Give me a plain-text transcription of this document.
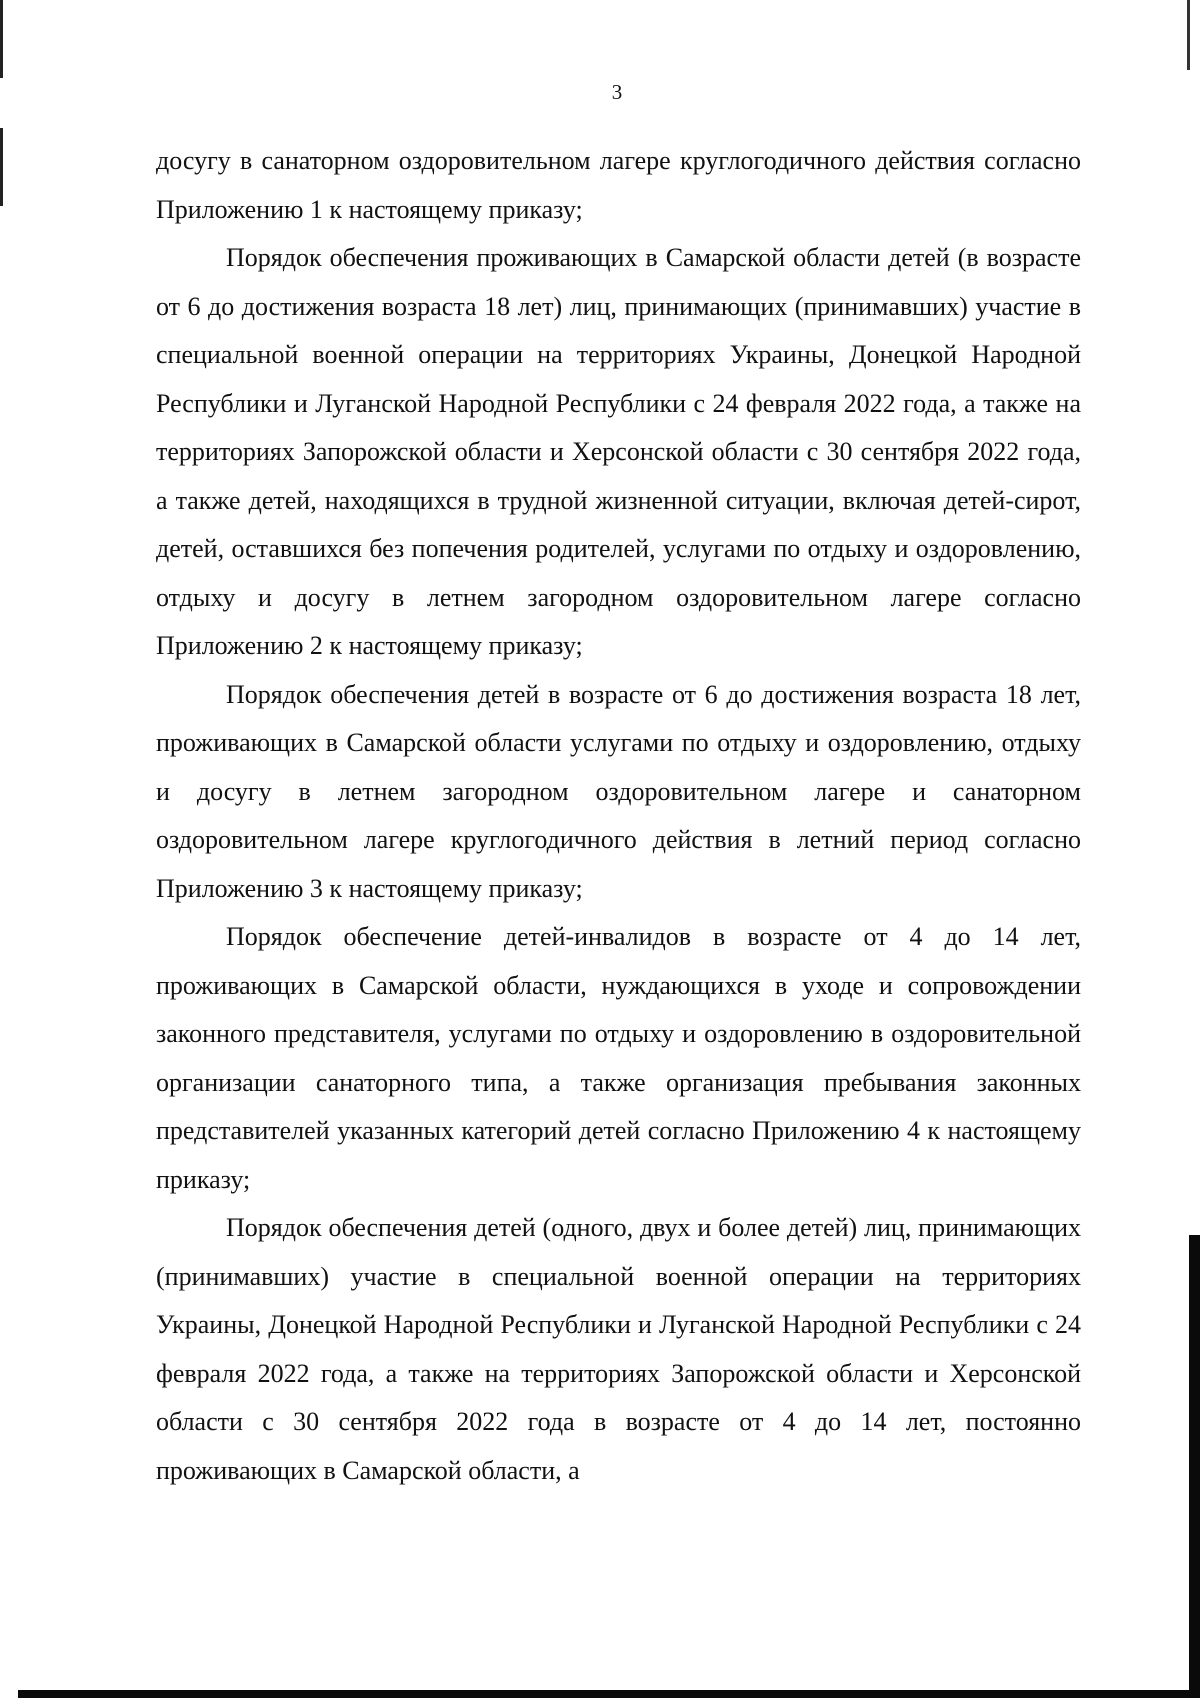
3

досугу в санаторном оздоровительном лагере круглогодичного действия согласно Приложению 1 к настоящему приказу;

Порядок обеспечения проживающих в Самарской области детей (в возрасте от 6 до достижения возраста 18 лет) лиц, принимающих (принимавших) участие в специальной военной операции на территориях Украины, Донецкой Народной Республики и Луганской Народной Республики с 24 февраля 2022 года, а также на территориях Запорожской области и Херсонской области с 30 сентября 2022 года, а также детей, находящихся в трудной жизненной ситуации, включая детей-сирот, детей, оставшихся без попечения родителей, услугами по отдыху и оздоровлению, отдыху и досугу в летнем загородном оздоровительном лагере согласно Приложению 2 к настоящему приказу;

Порядок обеспечения детей в возрасте от 6 до достижения возраста 18 лет, проживающих в Самарской области услугами по отдыху и оздоровлению, отдыху и досугу в летнем загородном оздоровительном лагере и санаторном оздоровительном лагере круглогодичного действия в летний период согласно Приложению 3 к настоящему приказу;

Порядок обеспечение детей-инвалидов в возрасте от 4 до 14 лет, проживающих в Самарской области, нуждающихся в уходе и сопровождении законного представителя, услугами по отдыху и оздоровлению в оздоровительной организации санаторного типа, а также организация пребывания законных представителей указанных категорий детей согласно Приложению 4 к настоящему приказу;

Порядок обеспечения детей (одного, двух и более детей) лиц, принимающих (принимавших) участие в специальной военной операции на территориях Украины, Донецкой Народной Республики и Луганской Народной Республики с 24 февраля 2022 года, а также на территориях Запорожской области и Херсонской области с 30 сентября 2022 года в возрасте от 4 до 14 лет, постоянно проживающих в Самарской области, а
